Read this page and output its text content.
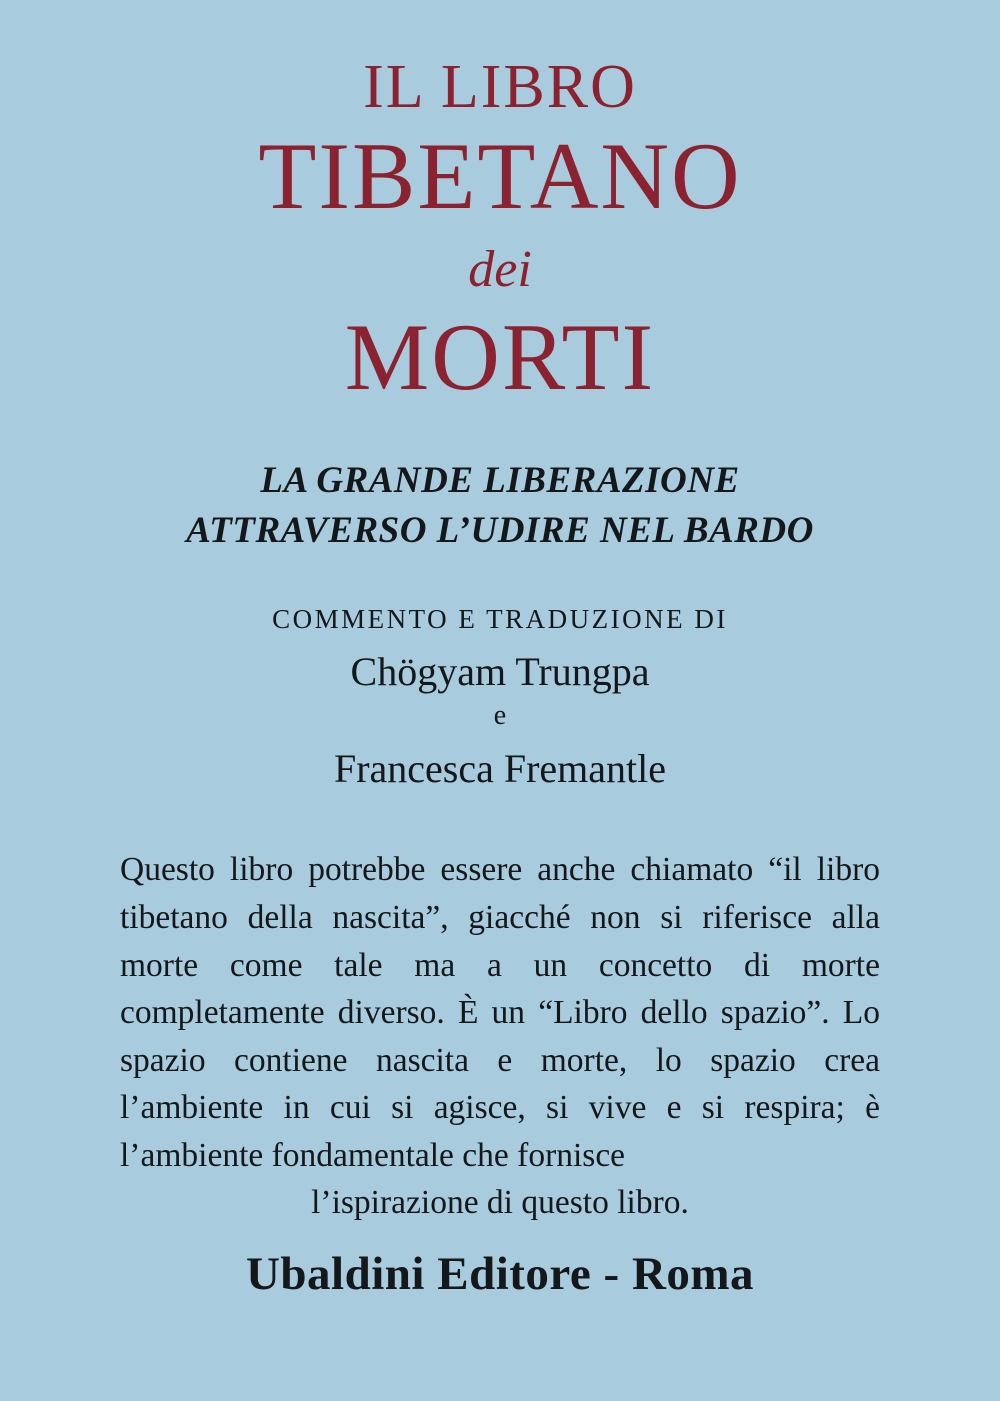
IL LIBRO
TIBETANO
dei
MORTI
LA GRANDE LIBERAZIONE
ATTRAVERSO L’UDIRE NEL BARDO
COMMENTO E TRADUZIONE DI
Chögyam Trungpa
e
Francesca Fremantle
Questo libro potrebbe essere anche chiamato “il libro tibetano della nascita”, giacché non si riferisce alla morte come tale ma a un concetto di morte completamente diverso. È un “Libro dello spazio”. Lo spazio contiene nascita e morte, lo spazio crea l’ambiente in cui si agisce, si vive e si respira; è l’ambiente fondamentale che fornisce
l’ispirazione di questo libro.
Ubaldini Editore - Roma
